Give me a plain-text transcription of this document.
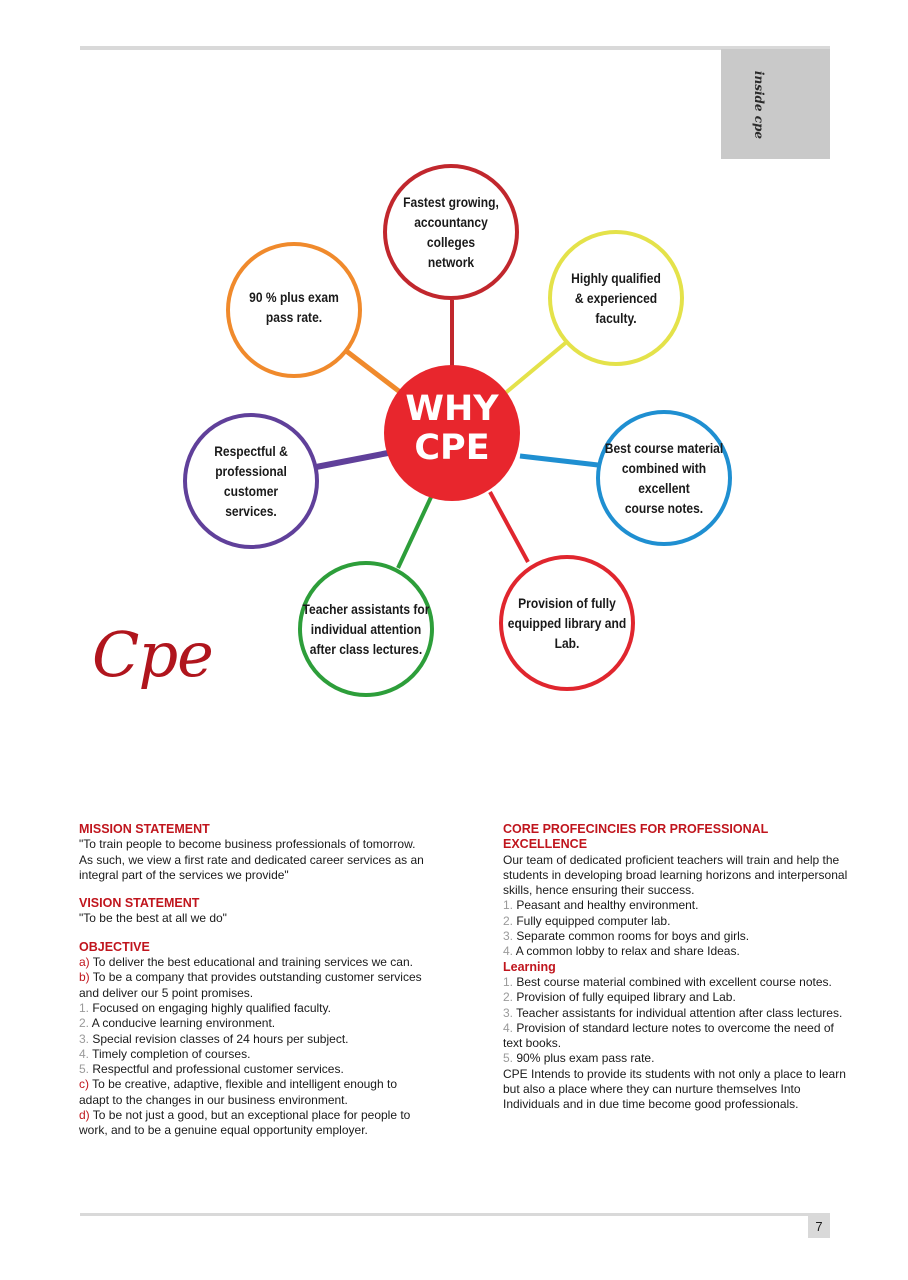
inside cpe
WHY
CPE
Fastest growing,
accountancy colleges
network
Highly qualified
& experienced
faculty.
Best course material
combined with excellent
course notes.
Provision of fully
equipped library and
Lab.
Teacher assistants for
individual attention
after class lectures.
Respectful &
professional customer
services.
90 % plus exam
pass rate.
Cpe

MISSION STATEMENT

"To train people to become business professionals of tomorrow. As such, we view a first rate and dedicated career services as an integral part of the services we provide"

VISION STATEMENT

"To be the best at all we do"

OBJECTIVE

a) To deliver the best educational and training services we can.

b) To be a company that provides outstanding customer services and deliver our 5 point promises.

1. Focused on engaging highly qualified faculty.

2. A conducive learning environment.

3. Special revision classes of 24 hours per subject.

4. Timely completion of courses.

5. Respectful and professional customer services.

c) To be creative, adaptive, flexible and intelligent enough to adapt to the changes in our business environment.

d) To be not just a good, but an exceptional place for people to work, and to be a genuine equal opportunity employer.

CORE PROFECINCIES FOR PROFESSIONAL EXCELLENCE

Our team of dedicated proficient teachers will train and help the students in developing broad learning horizons and interpersonal skills, hence ensuring their success.

1. Peasant and healthy environment.

2. Fully equipped computer lab.

3. Separate common rooms for boys and girls.

4. A common lobby to relax and share Ideas.

Learning

1. Best course material combined with excellent course notes.

2. Provision of fully equiped library and Lab.

3. Teacher assistants for individual attention after class lectures.

4. Provision of standard lecture notes to overcome the need of text books.

5. 90% plus exam pass rate.

CPE Intends to provide its students with not only a place to learn but also a place where they can nurture themselves Into Individuals and in due time become good professionals.

7
